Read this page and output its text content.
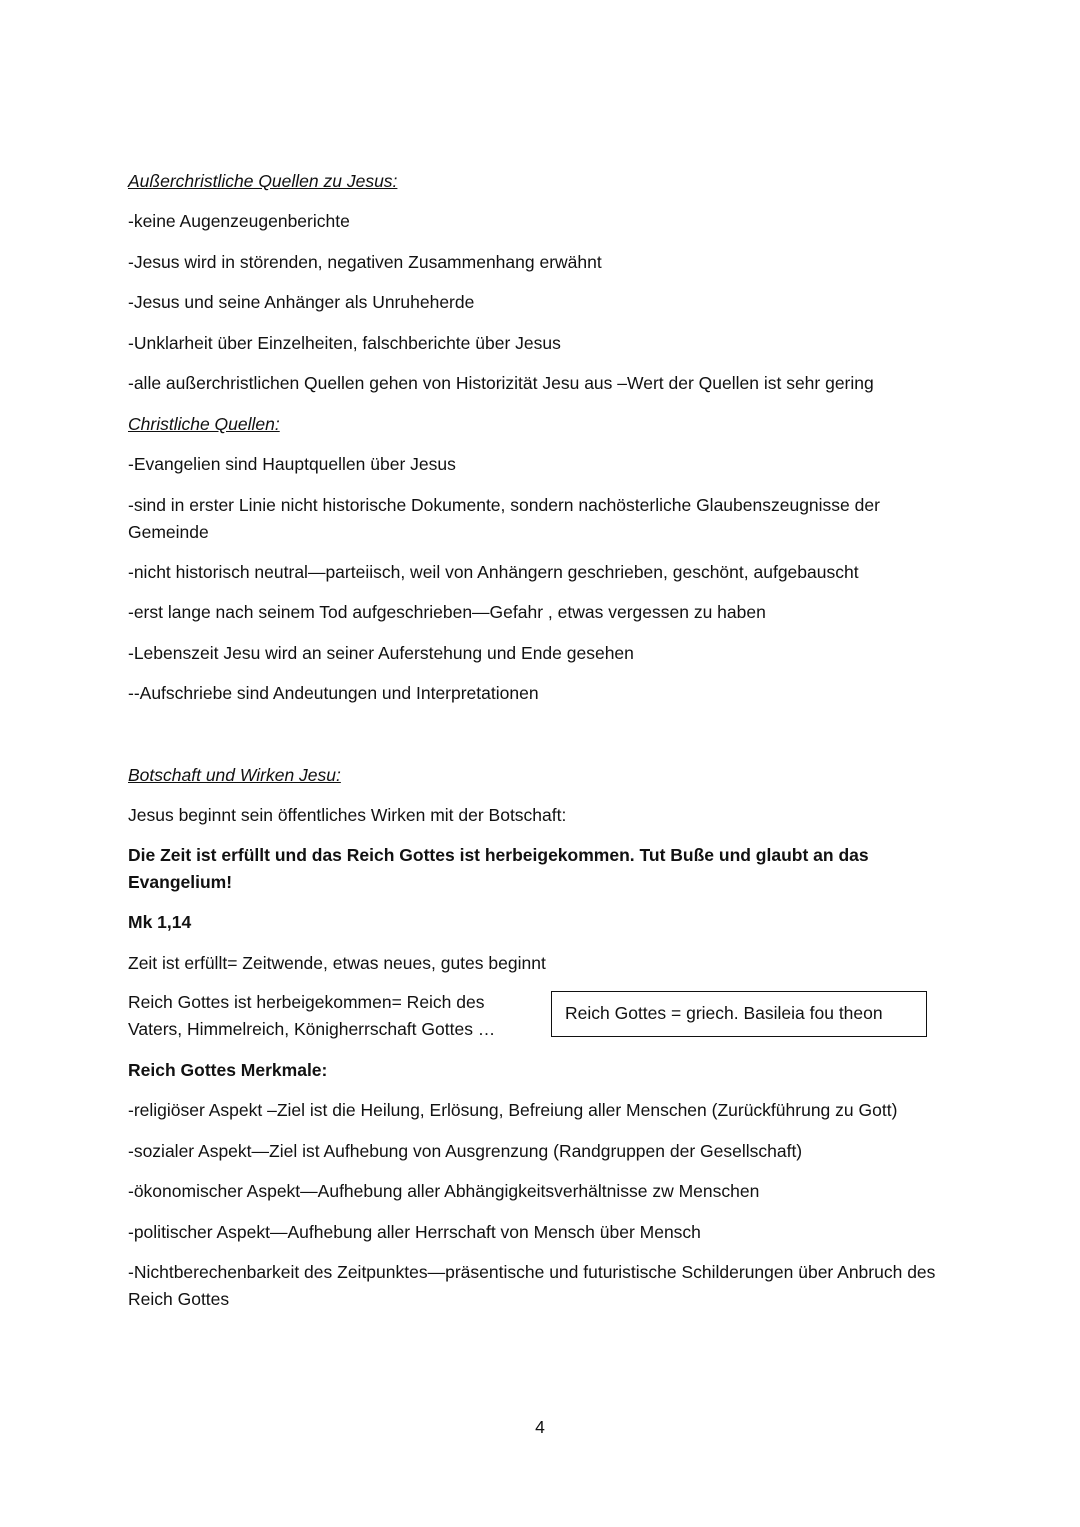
Außerchristliche Quellen zu Jesus:
-keine Augenzeugenberichte
-Jesus wird in störenden, negativen Zusammenhang erwähnt
-Jesus und seine Anhänger als Unruheherde
-Unklarheit über Einzelheiten, falschberichte über Jesus
-alle außerchristlichen Quellen gehen von Historizität Jesu aus –Wert der Quellen ist sehr gering
Christliche Quellen:
-Evangelien sind Hauptquellen über Jesus
-sind in erster Linie nicht historische Dokumente, sondern nachösterliche Glaubenszeugnisse der Gemeinde
-nicht historisch neutral—parteiisch, weil von Anhängern geschrieben, geschönt, aufgebauscht
-erst lange nach seinem Tod aufgeschrieben—Gefahr , etwas vergessen zu haben
-Lebenszeit Jesu wird an seiner Auferstehung und Ende gesehen
--Aufschriebe sind Andeutungen und Interpretationen
Botschaft und Wirken Jesu:
Jesus beginnt sein öffentliches Wirken mit der Botschaft:
Die Zeit ist erfüllt und das Reich Gottes ist herbeigekommen. Tut Buße und glaubt an das Evangelium!
Mk 1,14
Zeit ist erfüllt= Zeitwende, etwas neues, gutes beginnt
Reich Gottes ist herbeigekommen= Reich des Vaters, Himmelreich, Königherrschaft Gottes …
Reich Gottes = griech. Basileia fou theon
Reich Gottes Merkmale:
-religiöser Aspekt –Ziel ist die Heilung, Erlösung, Befreiung aller Menschen (Zurückführung zu Gott)
-sozialer Aspekt—Ziel ist Aufhebung von Ausgrenzung (Randgruppen der Gesellschaft)
-ökonomischer Aspekt—Aufhebung aller Abhängigkeitsverhältnisse zw Menschen
-politischer Aspekt—Aufhebung aller Herrschaft von Mensch über Mensch
-Nichtberechenbarkeit des Zeitpunktes—präsentische und futuristische Schilderungen über Anbruch des Reich Gottes
4
